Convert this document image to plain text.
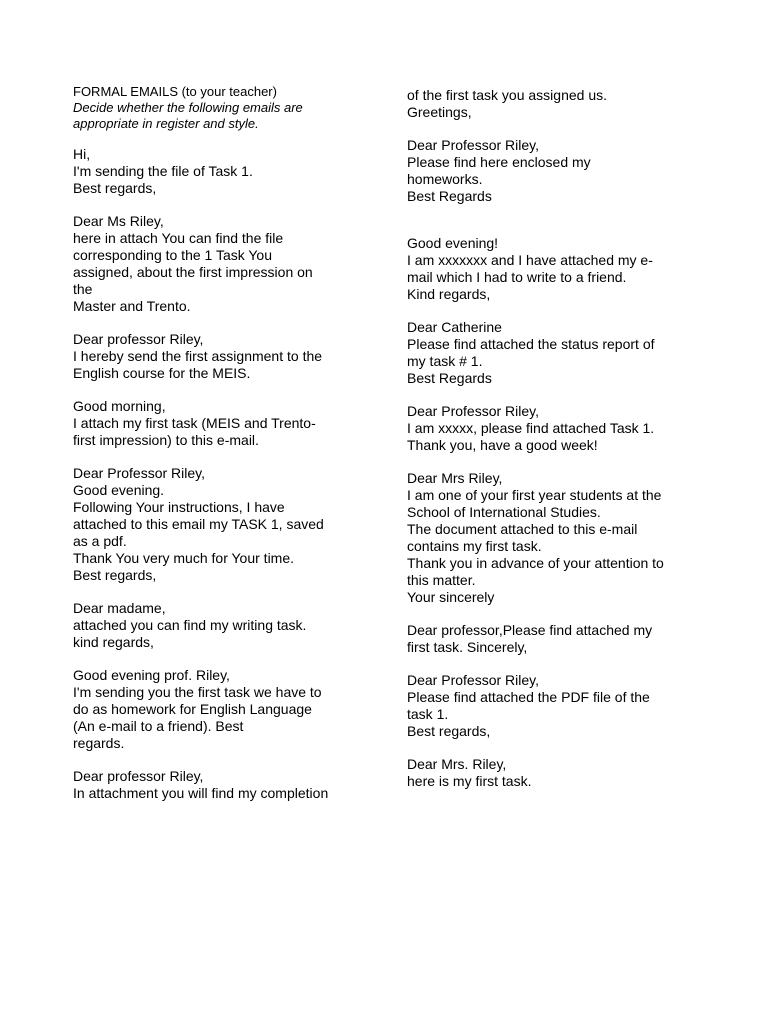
FORMAL EMAILS (to your teacher)

Decide whether the following emails are

appropriate in register and style.

Hi,
I'm sending the file of Task 1.
Best regards,
Dear Ms Riley,
here in attach You can find the file
corresponding to the 1 Task You
assigned, about the first impression on
the
Master and Trento.
Dear professor Riley,
I hereby send the first assignment to the
English course for the MEIS.
Good morning,
I attach my first task (MEIS and Trento-
first impression) to this e-mail.
Dear Professor Riley,
Good evening.
Following Your instructions, I have
attached to this email my TASK 1, saved
as a pdf.
Thank You very much for Your time.
Best regards,
Dear madame,
attached you can find my writing task.
kind regards,
Good evening prof. Riley,
I'm sending you the first task we have to
do as homework for English Language
(An e-mail to a friend). Best
regards.
Dear professor Riley,
In attachment you will find my completion
of the first task you assigned us.
Greetings,
Dear Professor Riley,
Please find here enclosed my
homeworks.
Best Regards
Good evening!
I am xxxxxxx and I have attached my e-
mail which I had to write to a friend.
Kind regards,
Dear Catherine
Please find attached the status report of
my task # 1.
Best Regards
Dear Professor Riley,
I am xxxxx, please find attached Task 1.
Thank you, have a good week!
Dear Mrs Riley,
I am one of your first year students at the
School of International Studies.
The document attached to this e-mail
contains my first task.
Thank you in advance of your attention to
this matter.
Your sincerely
Dear professor,Please find attached my
first task. Sincerely,
Dear Professor Riley,
Please find attached the PDF file of the
task 1.
Best regards,
Dear Mrs. Riley,
here is my first task.
